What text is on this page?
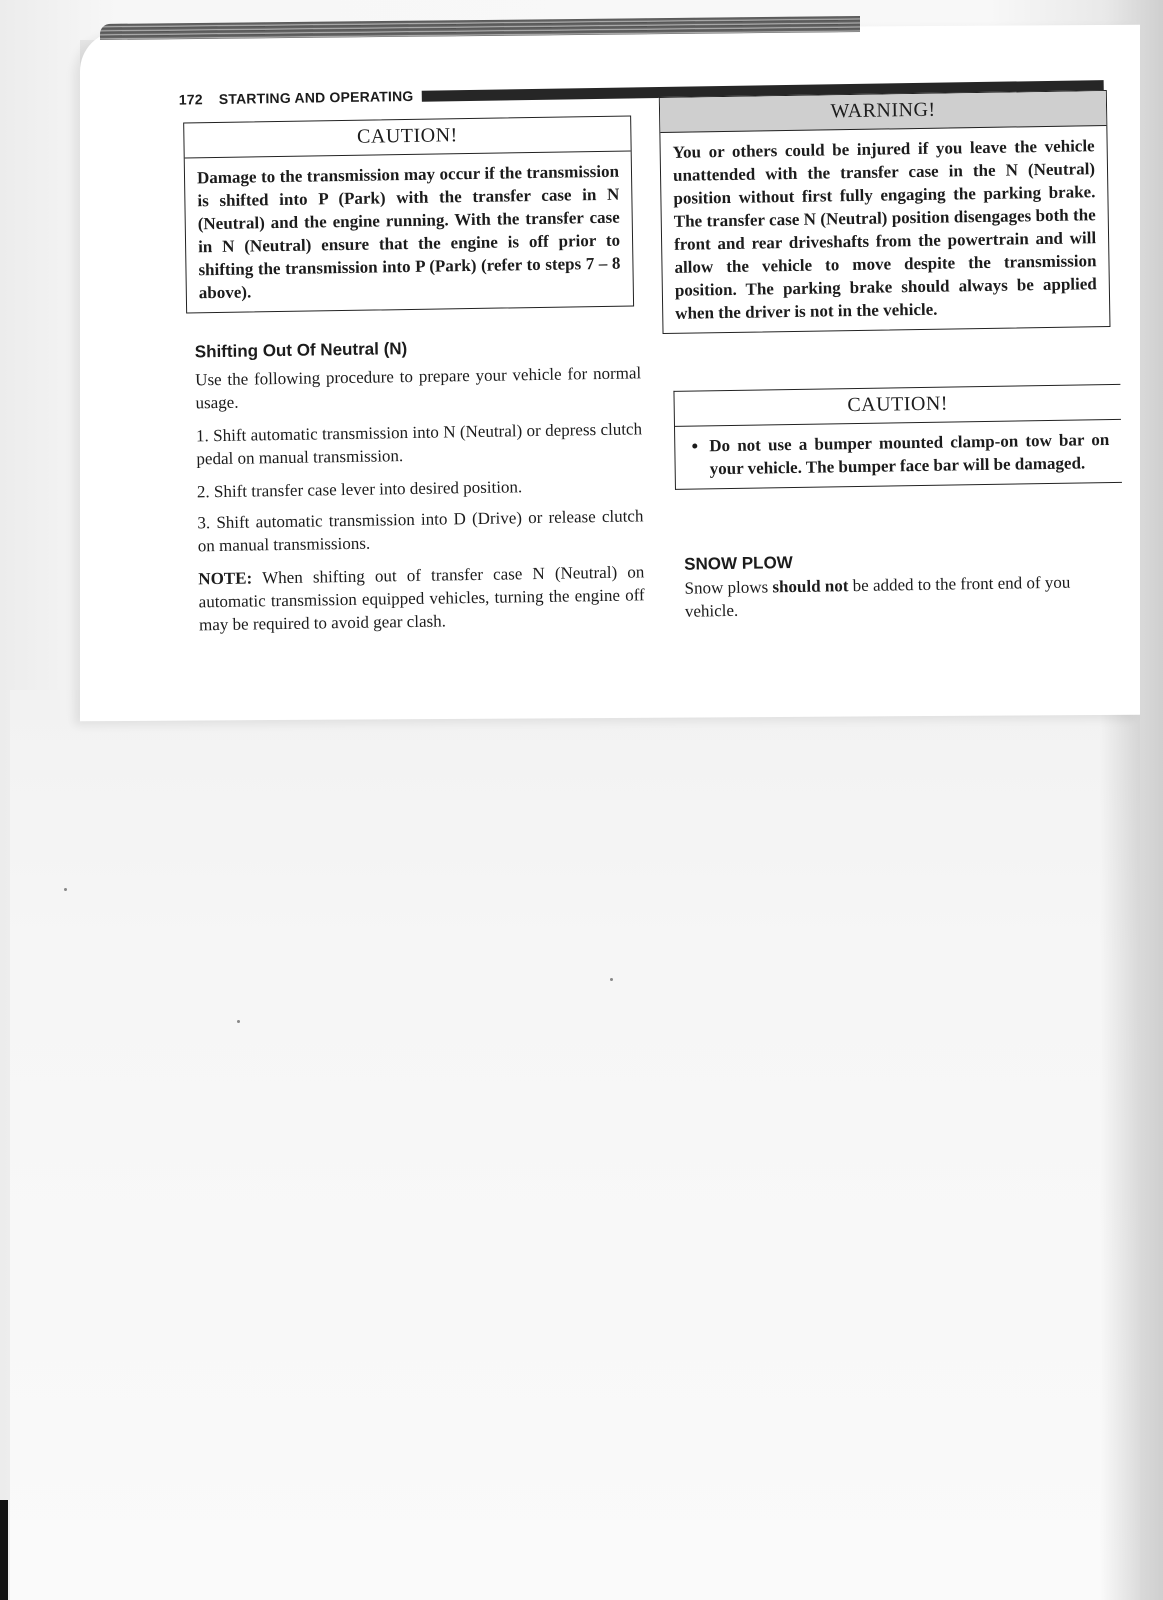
172 STARTING AND OPERATING
CAUTION!
Damage to the transmission may occur if the transmission is shifted into P (Park) with the transfer case in N (Neutral) and the engine running. With the transfer case in N (Neutral) ensure that the engine is off prior to shifting the transmission into P (Park) (refer to steps 7 – 8 above).
Shifting Out Of Neutral (N)
Use the following procedure to prepare your vehicle for normal usage.
1. Shift automatic transmission into N (Neutral) or depress clutch pedal on manual transmission.
2. Shift transfer case lever into desired position.
3. Shift automatic transmission into D (Drive) or release clutch on manual transmissions.
NOTE: When shifting out of transfer case N (Neutral) on automatic transmission equipped vehicles, turning the engine off may be required to avoid gear clash.
WARNING!
You or others could be injured if you leave the vehicle unattended with the transfer case in the N (Neutral) position without first fully engaging the parking brake. The transfer case N (Neutral) position disengages both the front and rear driveshafts from the powertrain and will allow the vehicle to move despite the transmission position. The parking brake should always be applied when the driver is not in the vehicle.
CAUTION!
• Do not use a bumper mounted clamp-on tow bar on your vehicle. The bumper face bar will be damaged.
SNOW PLOW
Snow plows should not be added to the front end of you vehicle.
